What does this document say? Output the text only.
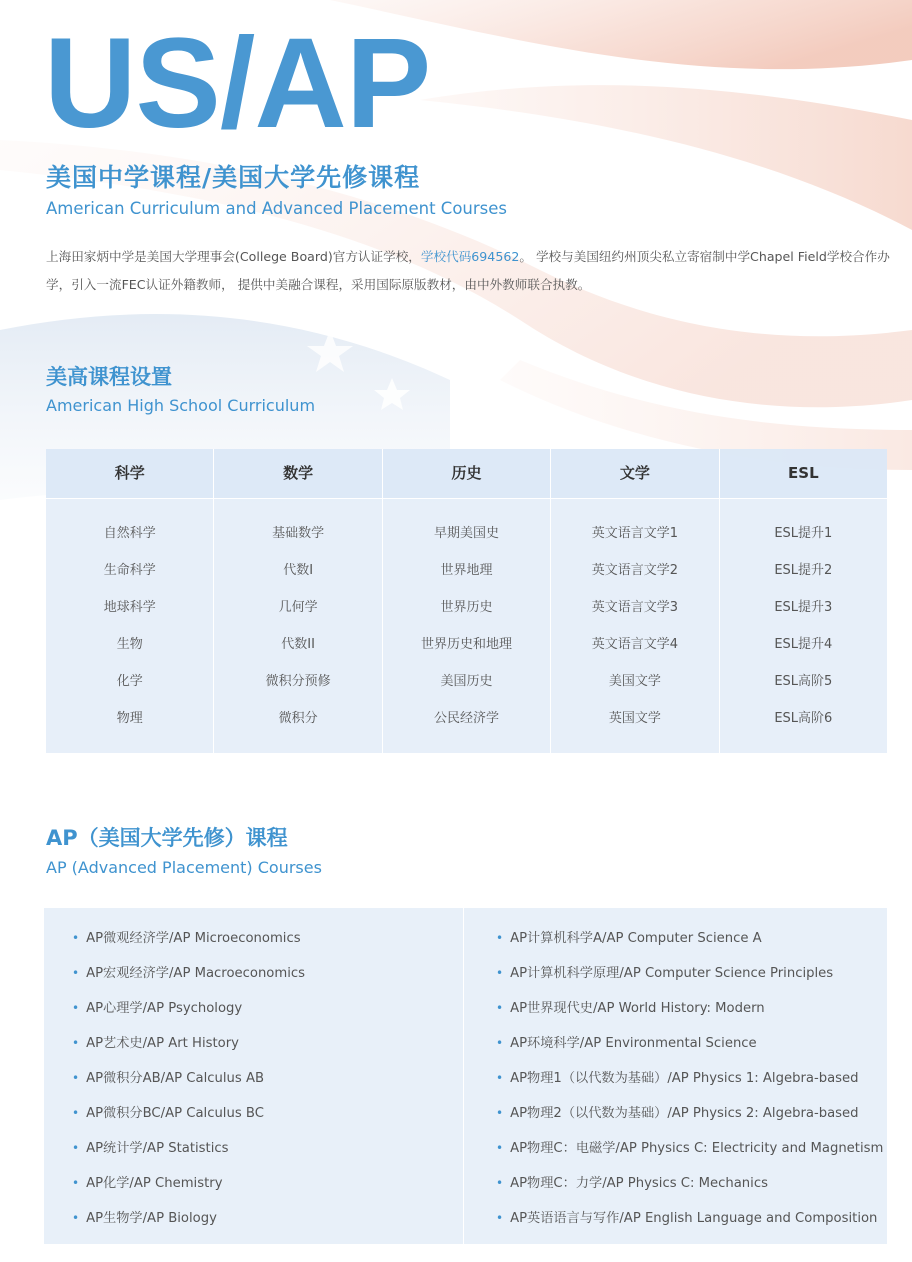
US/AP
美国中学课程/美国大学先修课程
American Curriculum and Advanced Placement Courses
上海田家炳中学是美国大学理事会(College Board)官方认证学校，学校代码694562。 学校与美国纽约州顶尖私立寄宿制中学Chapel Field学校合作办学，引入一流FEC认证外籍教师， 提供中美融合课程，采用国际原版教材，由中外教师联合执教。
美高课程设置
American High School Curriculum
科学
自然科学
生命科学
地球科学
生物
化学
物理
数学
基础数学
代数I
几何学
代数II
微积分预修
微积分
历史
早期美国史
世界地理
世界历史
世界历史和地理
美国历史
公民经济学
文学
英文语言文学1
英文语言文学2
英文语言文学3
英文语言文学4
美国文学
英国文学
ESL
ESL提升1
ESL提升2
ESL提升3
ESL提升4
ESL高阶5
ESL高阶6
AP（美国大学先修）课程
AP (Advanced Placement) Courses
• AP微观经济学/AP Microeconomics
• AP宏观经济学/AP Macroeconomics
• AP心理学/AP Psychology
• AP艺术史/AP Art History
• AP微积分AB/AP Calculus AB
• AP微积分BC/AP Calculus BC
• AP统计学/AP Statistics
• AP化学/AP Chemistry
• AP生物学/AP Biology
• AP计算机科学A/AP Computer Science A
• AP计算机科学原理/AP Computer Science Principles
• AP世界现代史/AP World History: Modern
• AP环境科学/AP Environmental Science
• AP物理1（以代数为基础）/AP Physics 1: Algebra-based
• AP物理2（以代数为基础）/AP Physics 2: Algebra-based
• AP物理C：电磁学/AP Physics C: Electricity and Magnetism
• AP物理C：力学/AP Physics C: Mechanics
• AP英语语言与写作/AP English Language and Composition
